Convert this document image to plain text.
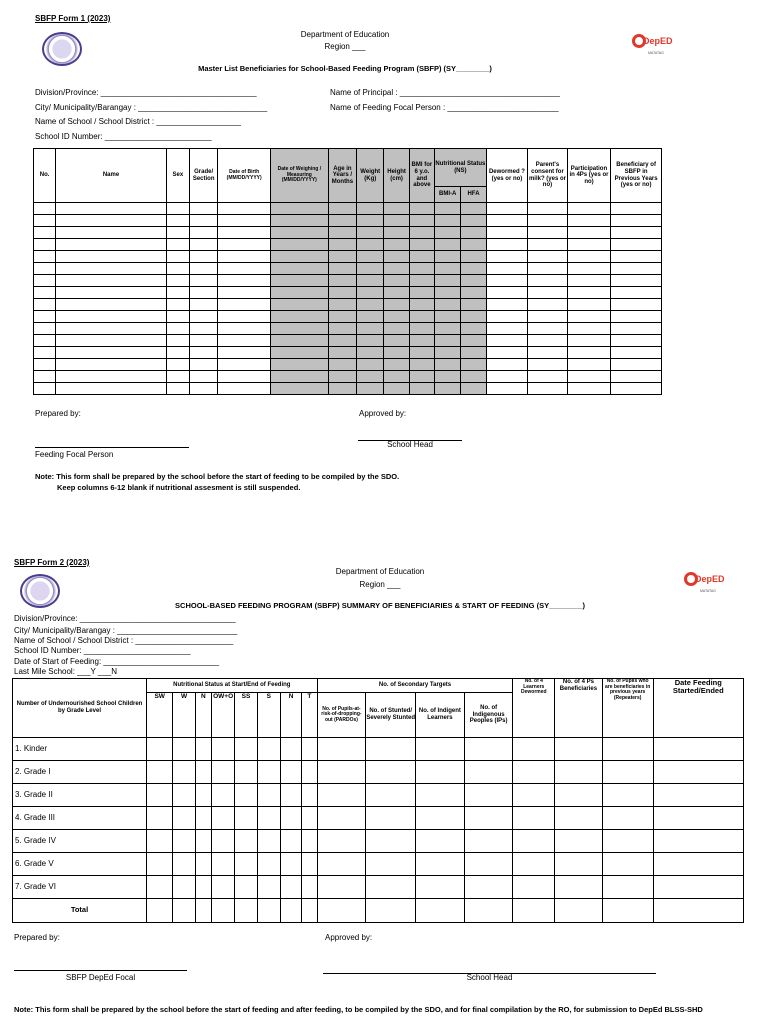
SBFP Form 1 (2023)
Department of Education
Region ___
DepED
MATATAG
Master List Beneficiaries for School-Based Feeding Program (SBFP) (SY________)
Division/Province: ___________________________________
City/ Municipality/Barangay : _____________________________
Name of School / School District : ___________________
School ID Number: ________________________
Name of Principal : ____________________________________
Name of Feeding Focal Person : _________________________
No.	Name	Sex	Grade/ Section	Date of Birth (MM/DD/YYYY)	Date of Weighing / Measuring (MM/DD/YYYY)	Age in Years / Months	Weight (Kg)	Height (cm)	BMI for 6 y.o. and above	Nutritional Status (NS)		Dewormed ? (yes or no)	Parent's consent for milk? (yes or no)	Participation in 4Ps (yes or no)	Beneficiary of SBFP in Previous Years (yes or no)
										BMI-A	HFA				

Prepared by:	Approved by:
School Head
Feeding Focal Person
Note: This form shall be prepared by the school before the start of feeding to be compiled by the SDO.
Keep columns 6-12 blank if nutritional assesment is still suspended.
SBFP Form 2 (2023)
Department of Education
Region ___
DepED
MATATAG
SCHOOL-BASED FEEDING PROGRAM (SBFP) SUMMARY OF BENEFICIARIES & START OF FEEDING (SY________)
Division/Province: ___________________________________
City/ Municipality/Barangay : ___________________________
Name of School / School District : ______________________
School ID Number: ________________________
Date of Start of Feeding: __________________________
Last Mile School: ___Y ___N
Number of Undernourished School Children by Grade Level	Nutritional Status at Start/End of Feeding								No. of Secondary Targets				No. of 4 Learners Dewormed	No. of 4 Ps Beneficiaries	No. of Pupils who are beneficiaries in previous years (Repeaters)	Date Feeding Started/Ended
	SW	W	N	OW+O	SS	S	N	T	No. of Pupils-at-risk-of-dropping-out (PARDOs)	No. of Stunted/ Severely Stunted	No. of Indigent Learners	No. of Indigenous Peoples (IPs)				
1. Kinder																
2. Grade I																
3. Grade II																
4. Grade III																
5. Grade IV																
6. Grade V																
7. Grade VI																
Total																
Prepared by:	Approved by:
SBFP DepEd Focal	School Head
Note: This form shall be prepared by the school before the start of feeding and after feeding, to be compiled by the SDO, and for final compilation by the RO, for submission to DepEd BLSS-SHD
